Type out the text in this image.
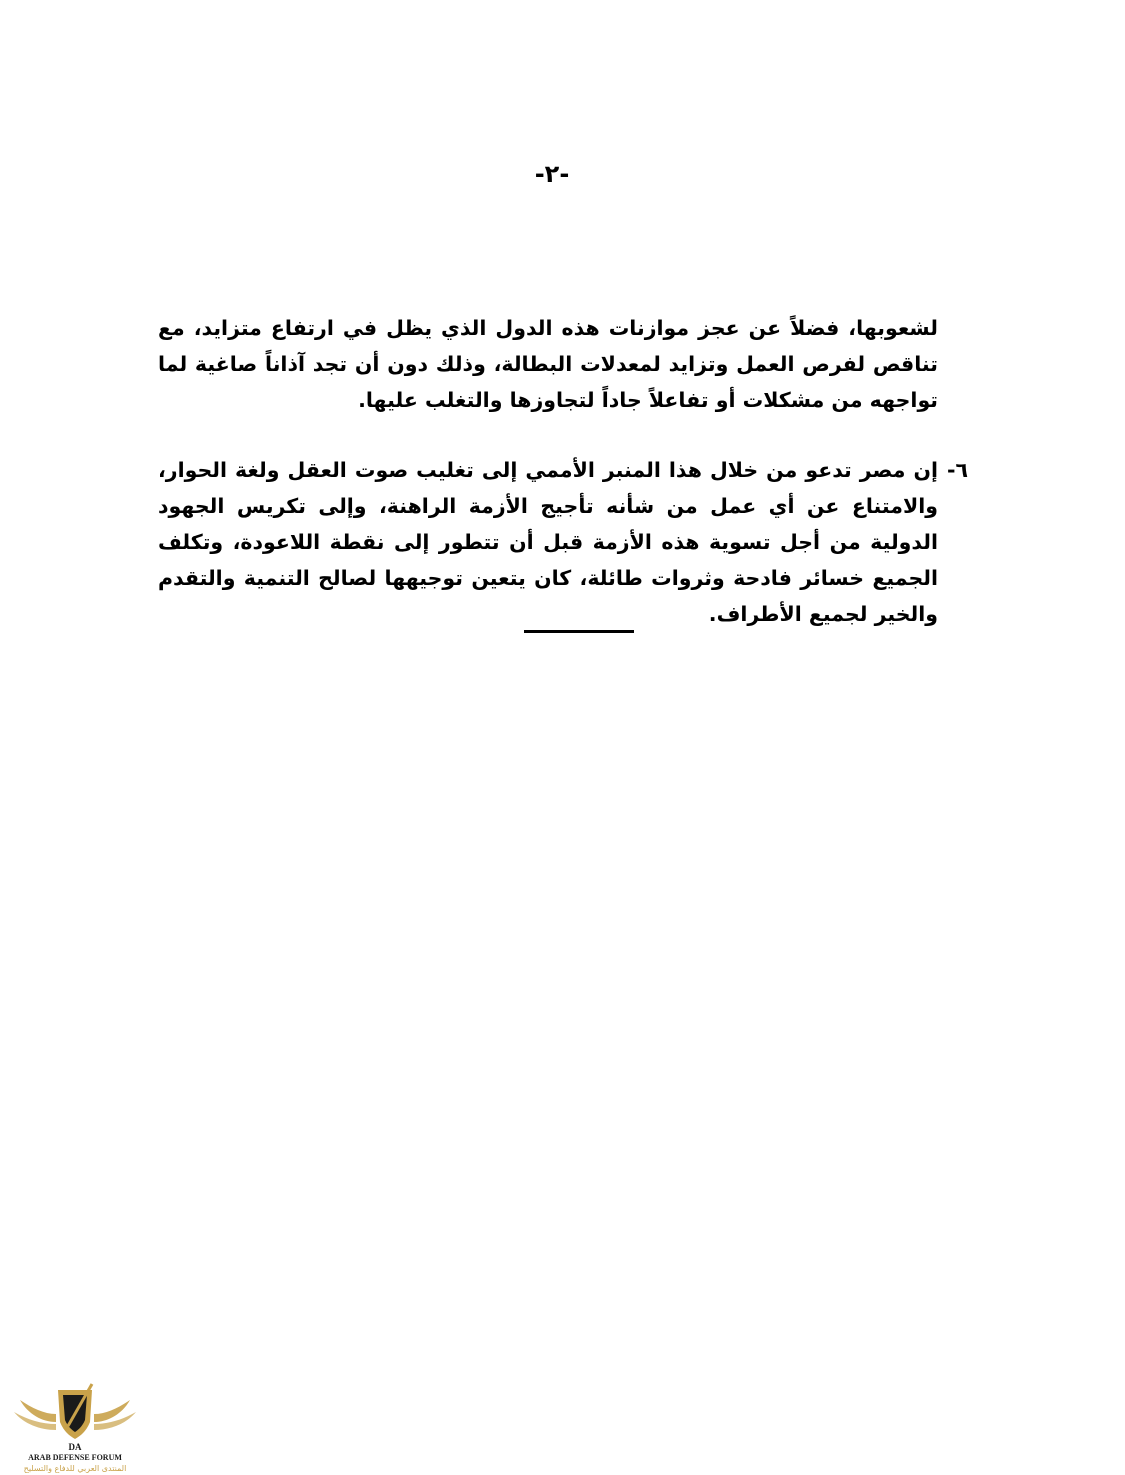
-٢-
لشعوبها، فضلاً عن عجز موازنات هذه الدول الذي يظل في ارتفاع متزايد، مع تناقص لفرص العمل وتزايد لمعدلات البطالة، وذلك دون أن تجد آذاناً صاغية لما تواجهه من مشكلات أو تفاعلاً جاداً لتجاوزها والتغلب عليها.
٦-
إن مصر تدعو من خلال هذا المنبر الأممي إلى تغليب صوت العقل ولغة الحوار، والامتناع عن أي عمل من شأنه تأجيج الأزمة الراهنة، وإلى تكريس الجهود الدولية من أجل تسوية هذه الأزمة قبل أن تتطور إلى نقطة اللاعودة، وتكلف الجميع خسائر فادحة وثروات طائلة، كان يتعين توجيهها لصالح التنمية والتقدم والخير لجميع الأطراف.
DA
ARAB DEFENSE FORUM
المنتدى العربي للدفاع والتسليح
